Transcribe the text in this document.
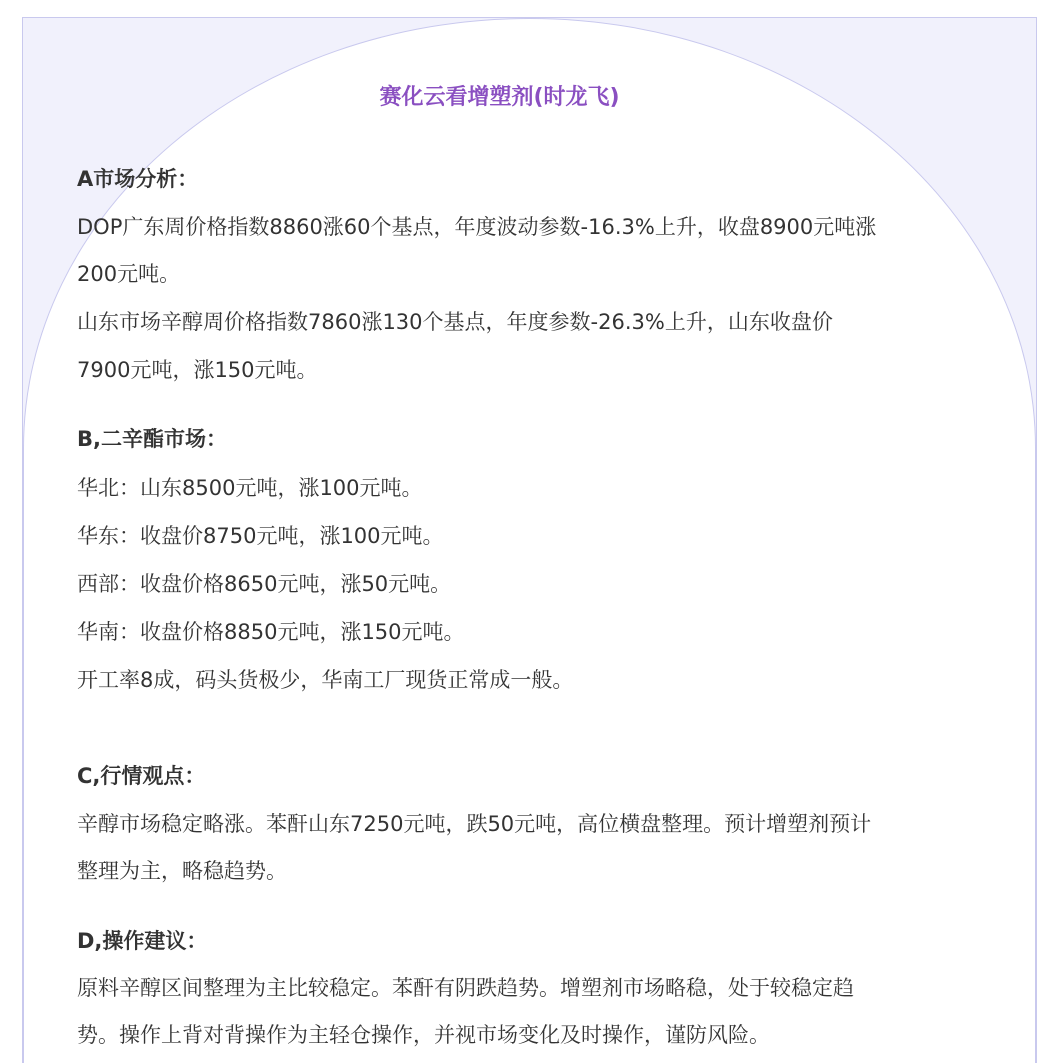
赛化云看增塑剂(时龙飞)
A市场分析：
DOP广东周价格指数8860涨60个基点，年度波动参数-16.3%上升，收盘8900元吨涨
200元吨。
山东市场辛醇周价格指数7860涨130个基点，年度参数-26.3%上升，山东收盘价
7900元吨，涨150元吨。
B,二辛酯市场：
华北：山东8500元吨，涨100元吨。
华东：收盘价8750元吨，涨100元吨。
西部：收盘价格8650元吨，涨50元吨。
华南：收盘价格8850元吨，涨150元吨。
开工率8成，码头货极少，华南工厂现货正常成一般。
C,行情观点：
辛醇市场稳定略涨。苯酐山东7250元吨，跌50元吨，高位横盘整理。预计增塑剂预计
整理为主，略稳趋势。
D,操作建议：
原料辛醇区间整理为主比较稳定。苯酐有阴跌趋势。增塑剂市场略稳，处于较稳定趋
势。操作上背对背操作为主轻仓操作，并视市场变化及时操作，谨防风险。
